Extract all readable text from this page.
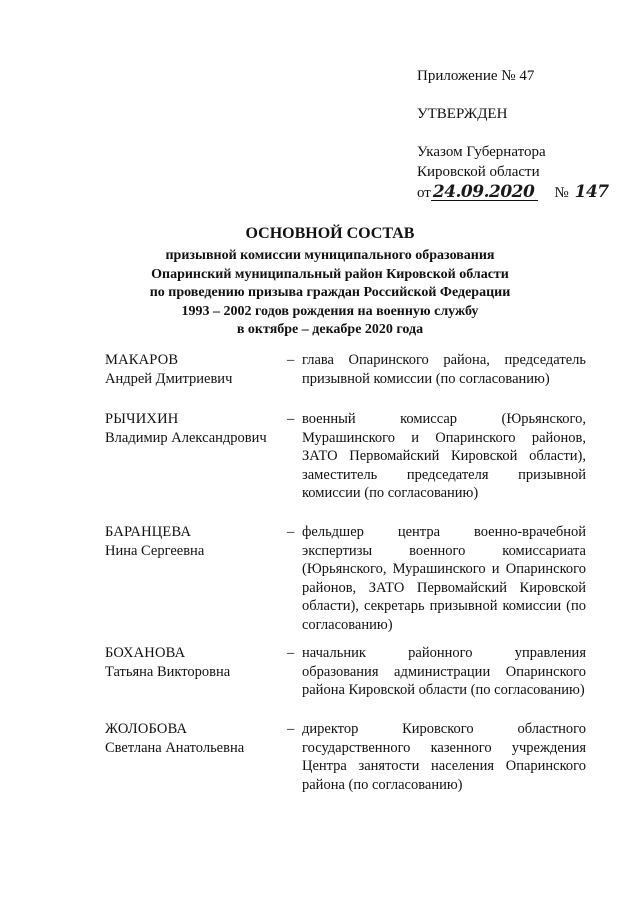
Приложение № 47
УТВЕРЖДЕН
Указом Губернатора
Кировской области
от 24.09.2020 № 147
ОСНОВНОЙ СОСТАВ
призывной комиссии муниципального образования
Опаринский муниципальный район Кировской области
по проведению призыва граждан Российской Федерации
1993 – 2002 годов рождения на военную службу
в октябре – декабре 2020 года
МАКАРОВ
Андрей Дмитриевич
– глава Опаринского района, председатель призывной комиссии (по согласованию)
РЫЧИХИН
Владимир Александрович
– военный комиссар (Юрьянского, Мурашинского и Опаринского районов, ЗАТО Первомайский Кировской области), заместитель председателя призывной комиссии (по согласованию)
БАРАНЦЕВА
Нина Сергеевна
– фельдшер центра военно-врачебной экспертизы военного комиссариата (Юрьянского, Мурашинского и Опаринского районов, ЗАТО Первомайский Кировской области), секретарь призывной комиссии (по согласованию)
БОХАНОВА
Татьяна Викторовна
– начальник районного управления образования администрации Опаринского района Кировской области (по согласованию)
ЖОЛОБОВА
Светлана Анатольевна
– директор Кировского областного государственного казенного учреждения Центра занятости населения Опаринского района (по согласованию)
